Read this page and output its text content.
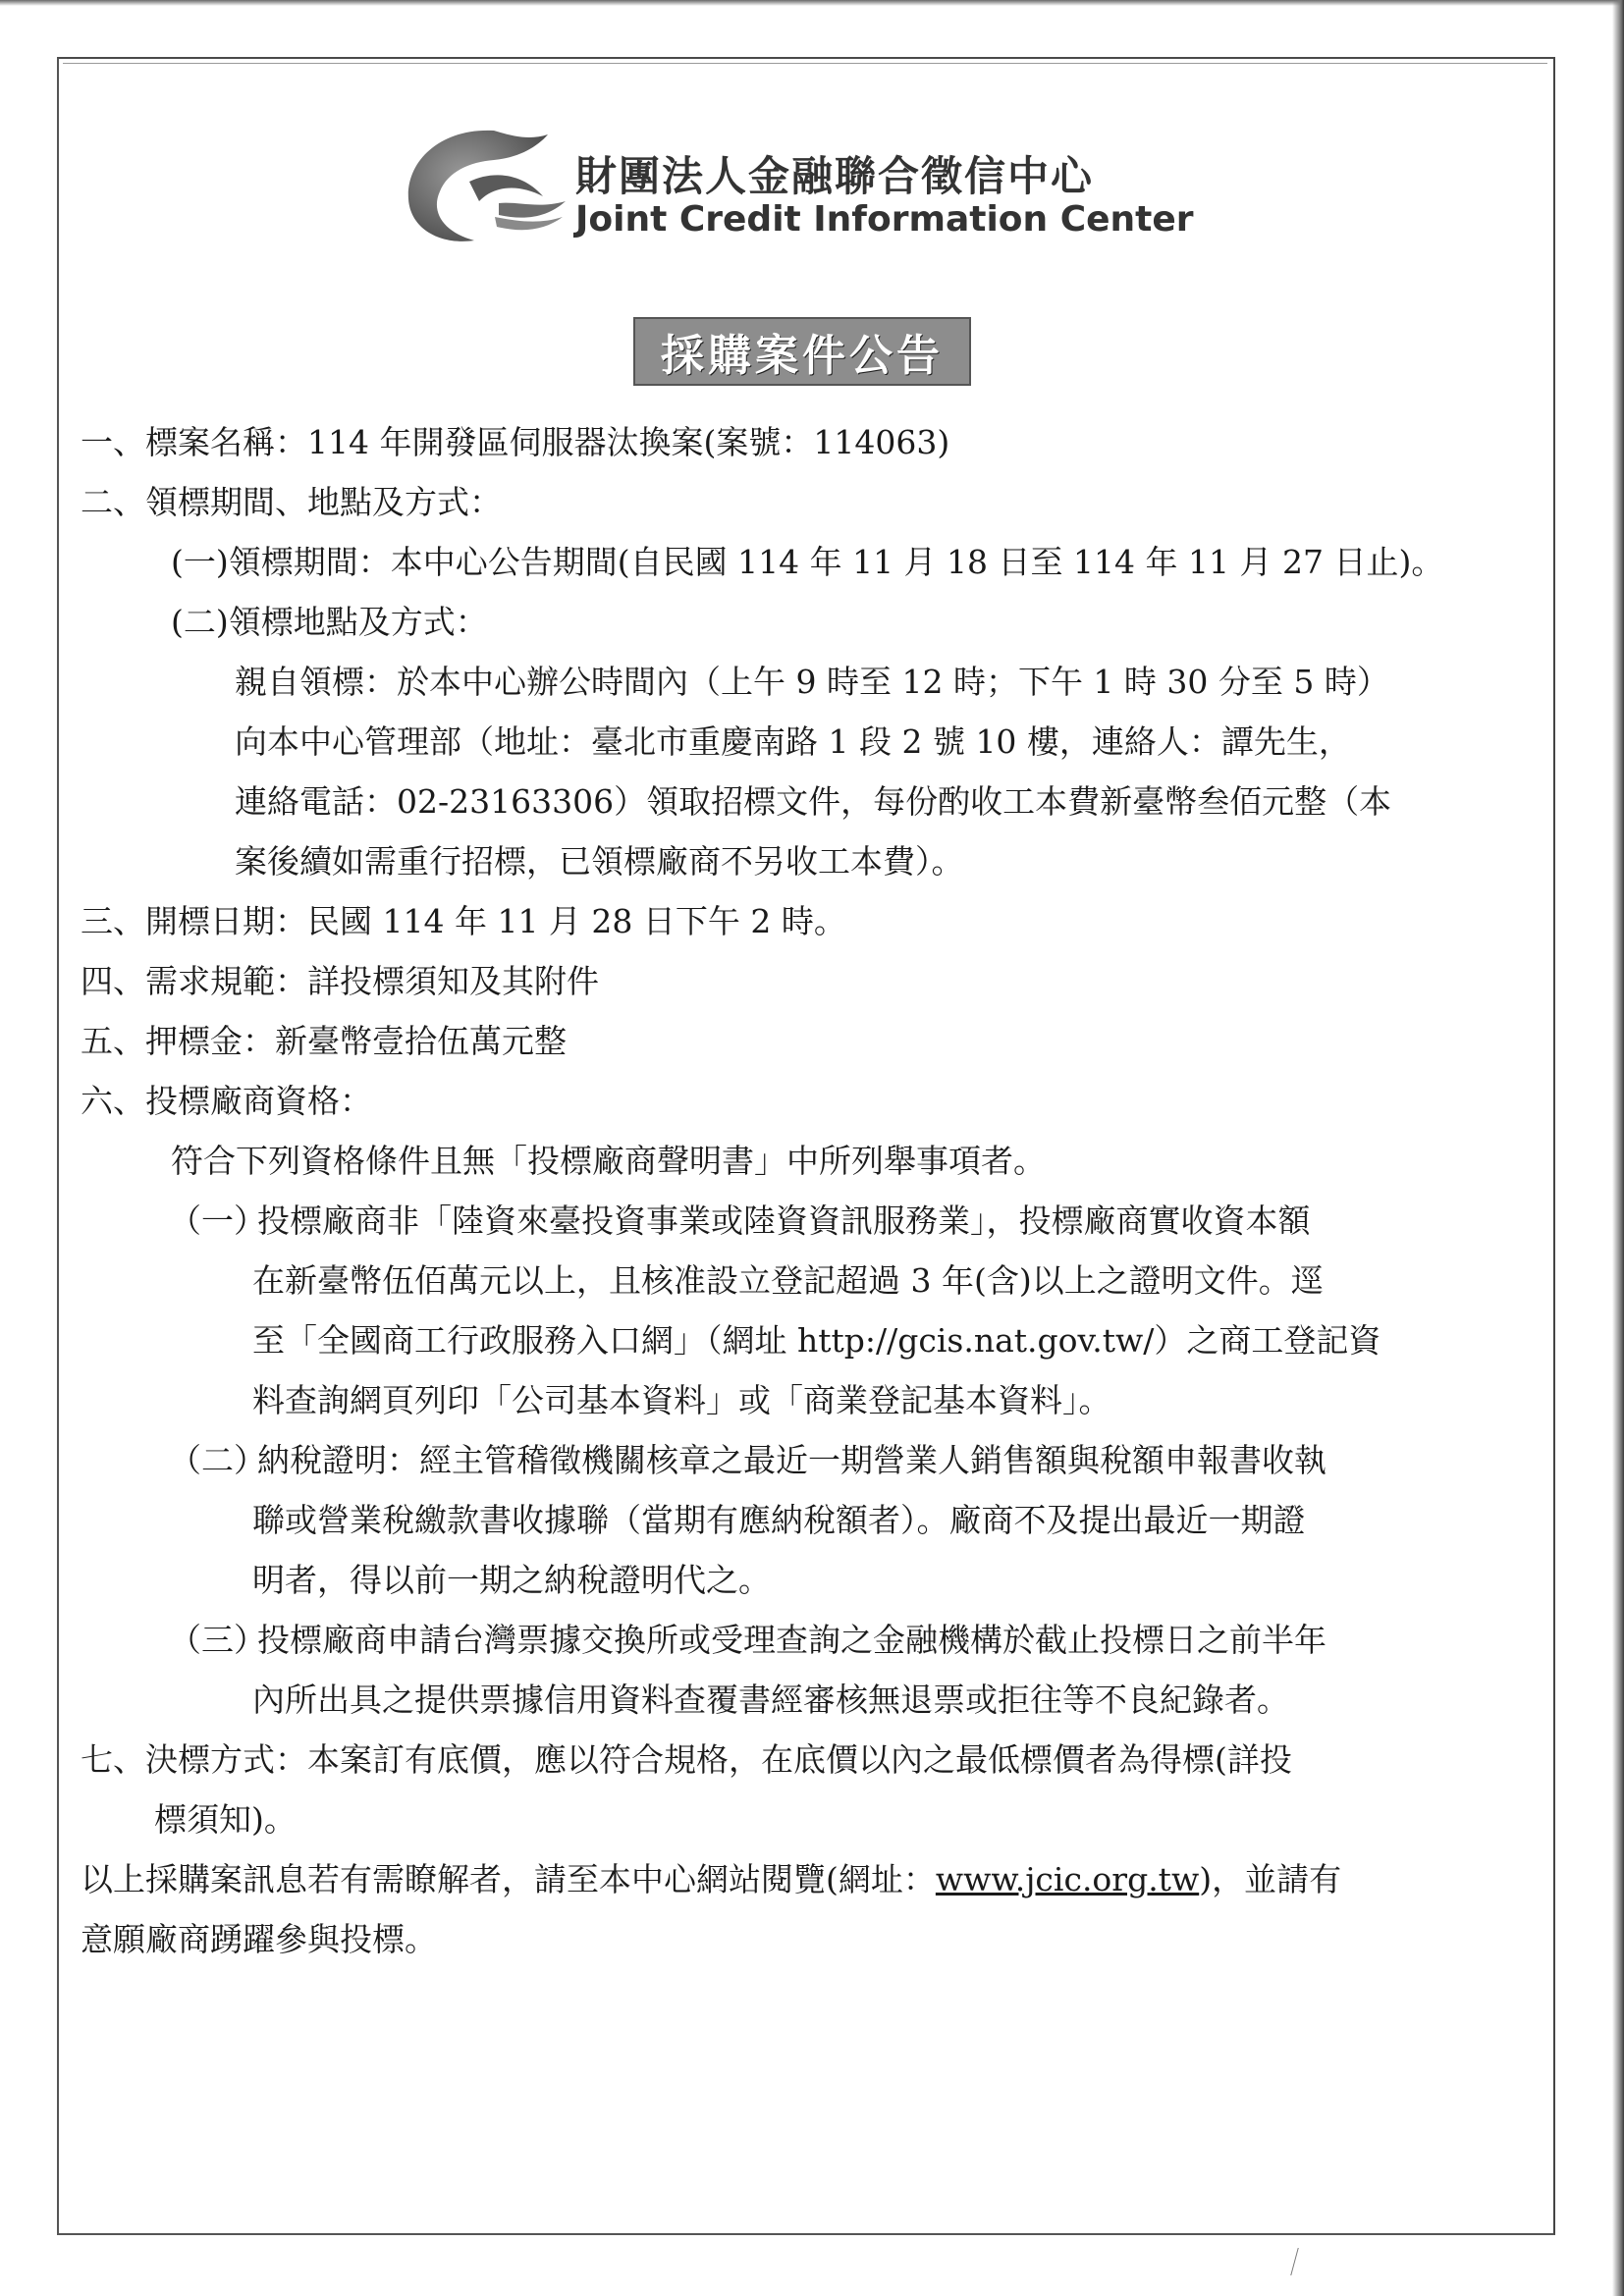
財團法人金融聯合徵信中心
Joint Credit Information Center
採購案件公告
一、標案名稱：114 年開發區伺服器汰換案(案號：114063)
二、領標期間、地點及方式：
(一)領標期間：本中心公告期間(自民國 114 年 11 月 18 日至 114 年 11 月 27 日止)。
(二)領標地點及方式：
親自領標：於本中心辦公時間內（上午 9 時至 12 時；下午 1 時 30 分至 5 時）
向本中心管理部（地址：臺北市重慶南路 1 段 2 號 10 樓，連絡人：譚先生，
連絡電話：02-23163306）領取招標文件，每份酌收工本費新臺幣叁佰元整（本
案後續如需重行招標，已領標廠商不另收工本費）。
三、開標日期：民國 114 年 11 月 28 日下午 2 時。
四、需求規範：詳投標須知及其附件
五、押標金：新臺幣壹拾伍萬元整
六、投標廠商資格：
符合下列資格條件且無「投標廠商聲明書」中所列舉事項者。
（一）投標廠商非「陸資來臺投資事業或陸資資訊服務業」，投標廠商實收資本額
在新臺幣伍佰萬元以上，且核准設立登記超過 3 年(含)以上之證明文件。逕
至「全國商工行政服務入口網」（網址 http://gcis.nat.gov.tw/）之商工登記資
料查詢網頁列印「公司基本資料」或「商業登記基本資料」。
（二）納稅證明：經主管稽徵機關核章之最近一期營業人銷售額與稅額申報書收執
聯或營業稅繳款書收據聯（當期有應納稅額者）。廠商不及提出最近一期證
明者，得以前一期之納稅證明代之。
（三）投標廠商申請台灣票據交換所或受理查詢之金融機構於截止投標日之前半年
內所出具之提供票據信用資料查覆書經審核無退票或拒往等不良紀錄者。
七、決標方式：本案訂有底價，應以符合規格，在底價以內之最低標價者為得標(詳投
標須知)。
以上採購案訊息若有需瞭解者，請至本中心網站閱覽(網址：www.jcic.org.tw)，並請有
意願廠商踴躍參與投標。
